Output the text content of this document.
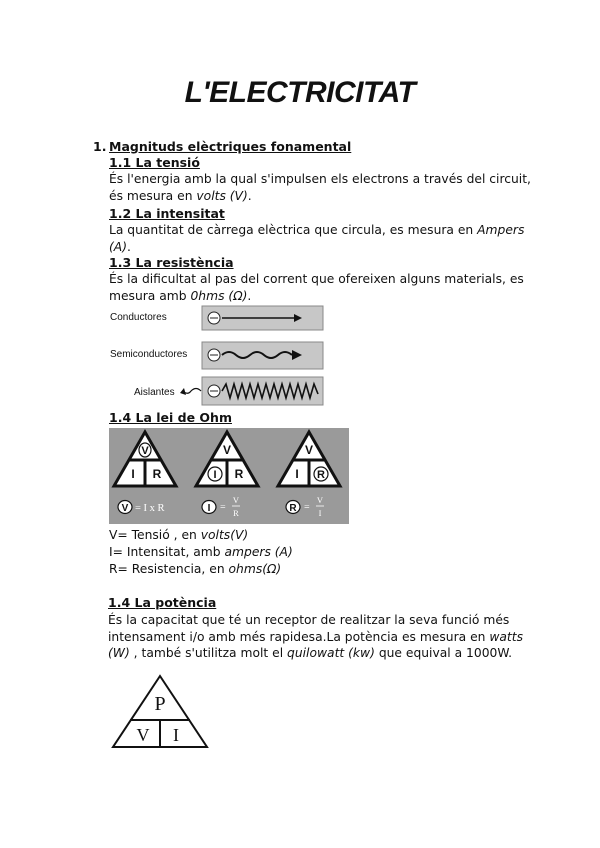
L'ELECTRICITAT
1. Magnituds elèctriques fonamental
1.1 La tensió
És l'energia amb la qual s'impulsen els electrons a través del circuit, és mesura en volts (V).
1.2 La intensitat
La quantitat de càrrega elèctrica que circula, es mesura en Ampers (A).
1.3 La resistència
És la dificultat al pas del corrent que ofereixen alguns materials, es mesura amb 0hms (Ω).
Conductores
Semiconductores
Aislantes
1.4 La lei de Ohm
V
I R
V
I R
V
I R
V = I x R	I =
V
R	R =
V
I
V= Tensió , en volts(V)
I= Intensitat, amb ampers (A)
R= Resistencia, en ohms(Ω)
1.4 La potència
És la capacitat que té un receptor de realitzar la seva funció més intensament i/o amb més rapidesa.La potència es mesura en watts (W) , també s'utilitza molt el quilowatt (kw) que equival a 1000W.
P
V I
